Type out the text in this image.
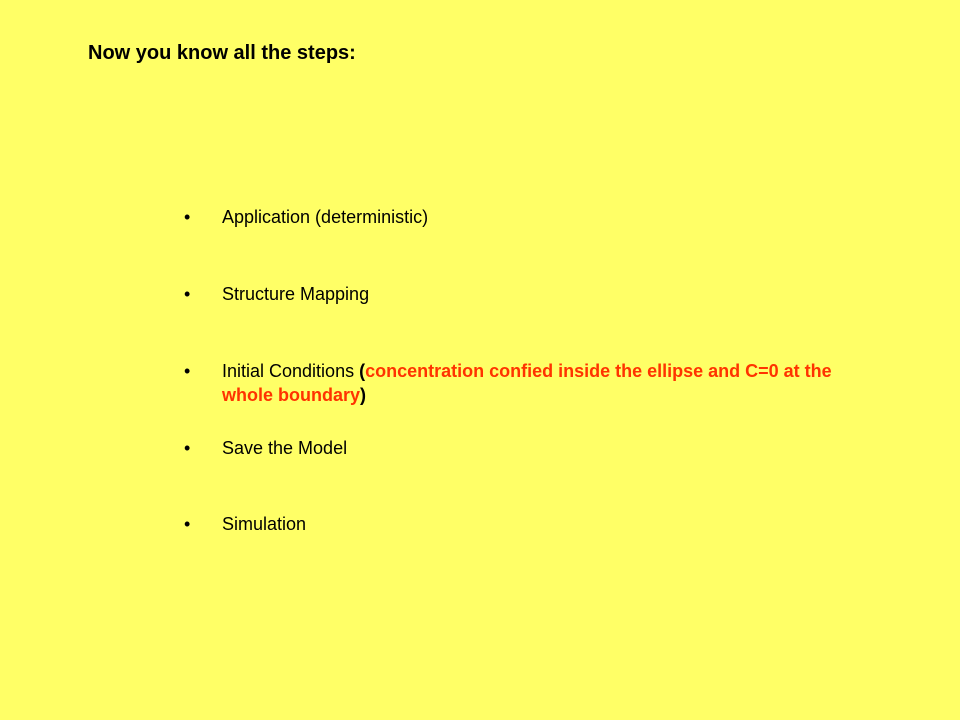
Now you know all the steps:
• Application (deterministic)
• Structure Mapping
• Initial Conditions (concentration confied inside the ellipse and C=0 at the whole boundary)
• Save the Model
• Simulation
